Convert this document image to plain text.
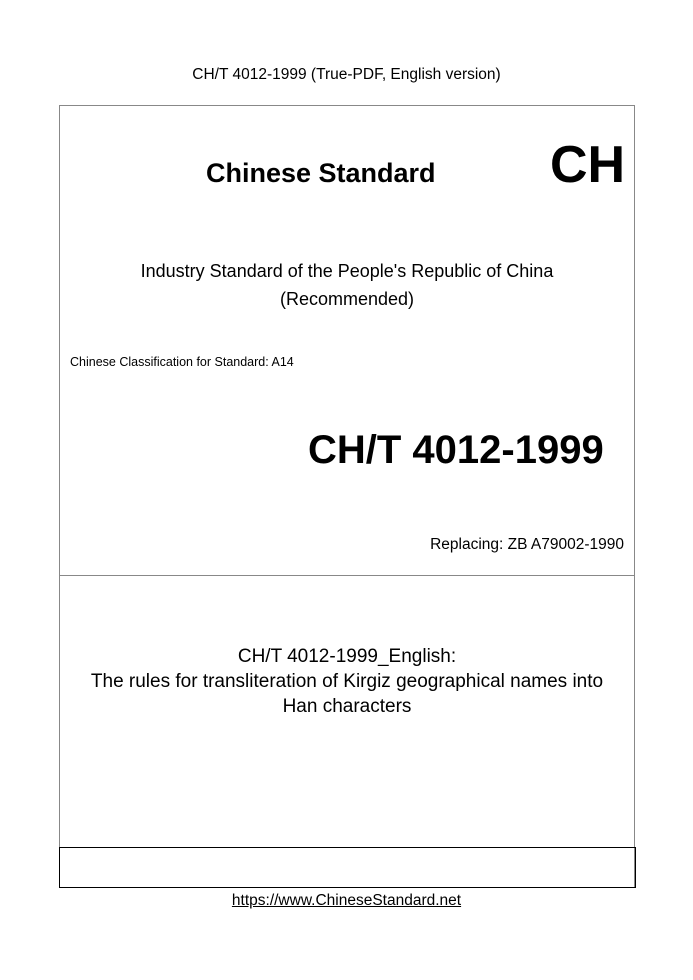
CH/T 4012-1999 (True-PDF, English version)
Chinese Standard CH
Industry Standard of the People's Republic of China
(Recommended)
Chinese Classification for Standard: A14
CH/T 4012-1999
Replacing: ZB A79002-1990
CH/T 4012-1999_English:
The rules for transliteration of Kirgiz geographical names into
Han characters
https://www.ChineseStandard.net
